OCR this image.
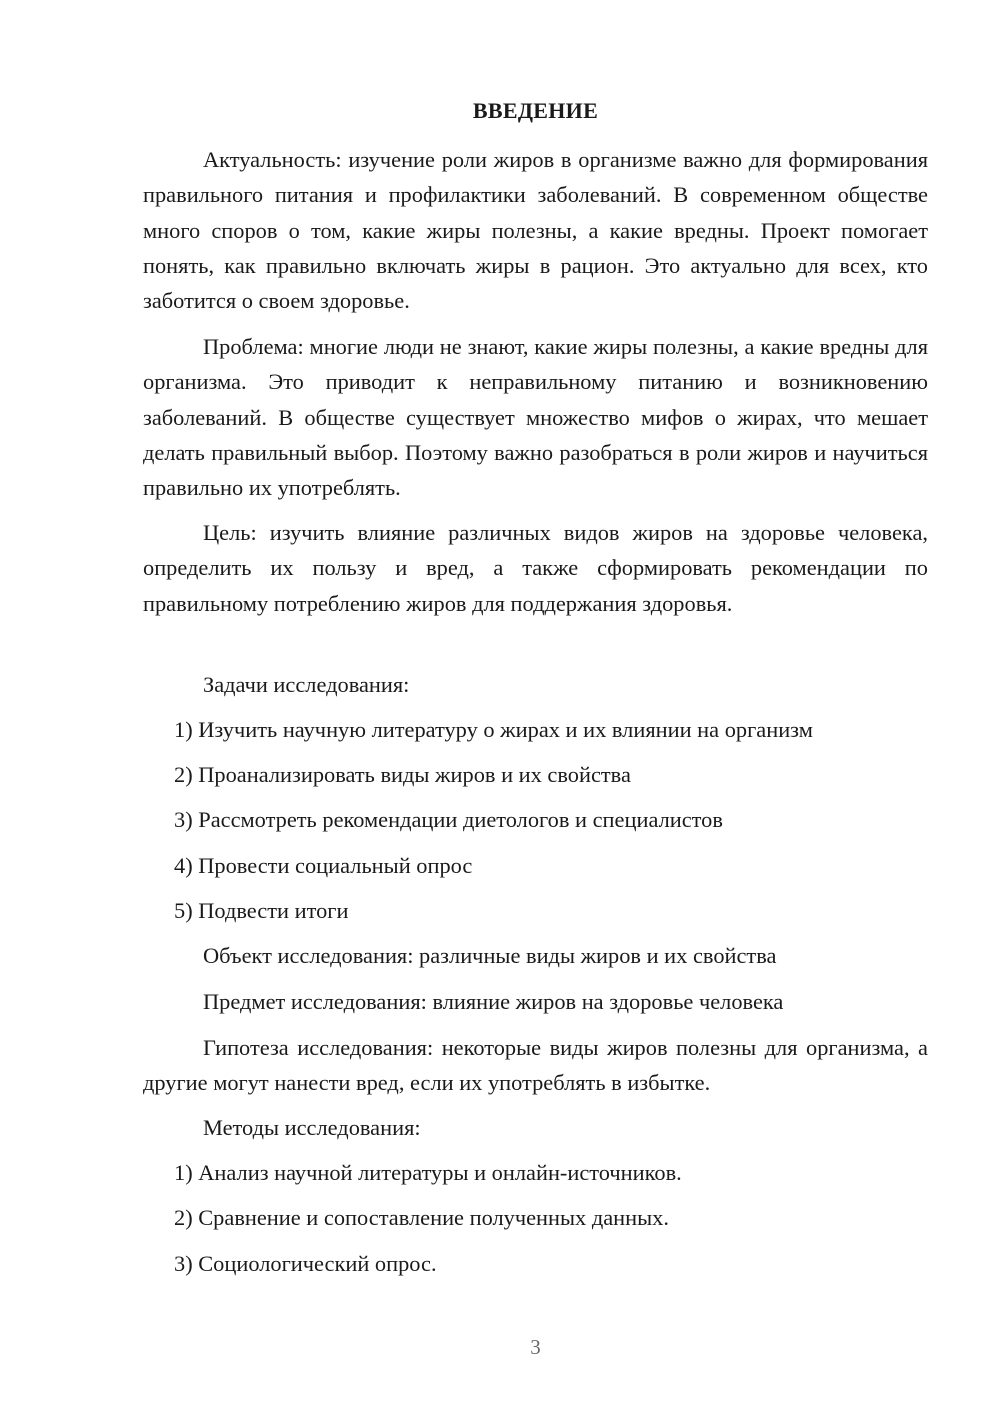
ВВЕДЕНИЕ

Актуальность: изучение роли жиров в организме важно для формирования правильного питания и профилактики заболеваний. В современном обществе много споров о том, какие жиры полезны, а какие вредны. Проект помогает понять, как правильно включать жиры в рацион. Это актуально для всех, кто заботится о своем здоровье.

Проблема: многие люди не знают, какие жиры полезны, а какие вредны для организма. Это приводит к неправильному питанию и возникновению заболеваний. В обществе существует множество мифов о жирах, что мешает делать правильный выбор. Поэтому важно разобраться в роли жиров и научиться правильно их употреблять.

Цель: изучить влияние различных видов жиров на здоровье человека, определить их пользу и вред, а также сформировать рекомендации по правильному потреблению жиров для поддержания здоровья.

Задачи исследования:

1) Изучить научную литературу о жирах и их влиянии на организм

2) Проанализировать виды жиров и их свойства

3) Рассмотреть рекомендации диетологов и специалистов

4) Провести социальный опрос

5) Подвести итоги

Объект исследования: различные виды жиров и их свойства

Предмет исследования: влияние жиров на здоровье человека

Гипотеза исследования: некоторые виды жиров полезны для организма, а другие могут нанести вред, если их употреблять в избытке.

Методы исследования:

1) Анализ научной литературы и онлайн-источников.

2) Сравнение и сопоставление полученных данных.

3) Социологический опрос.

3
